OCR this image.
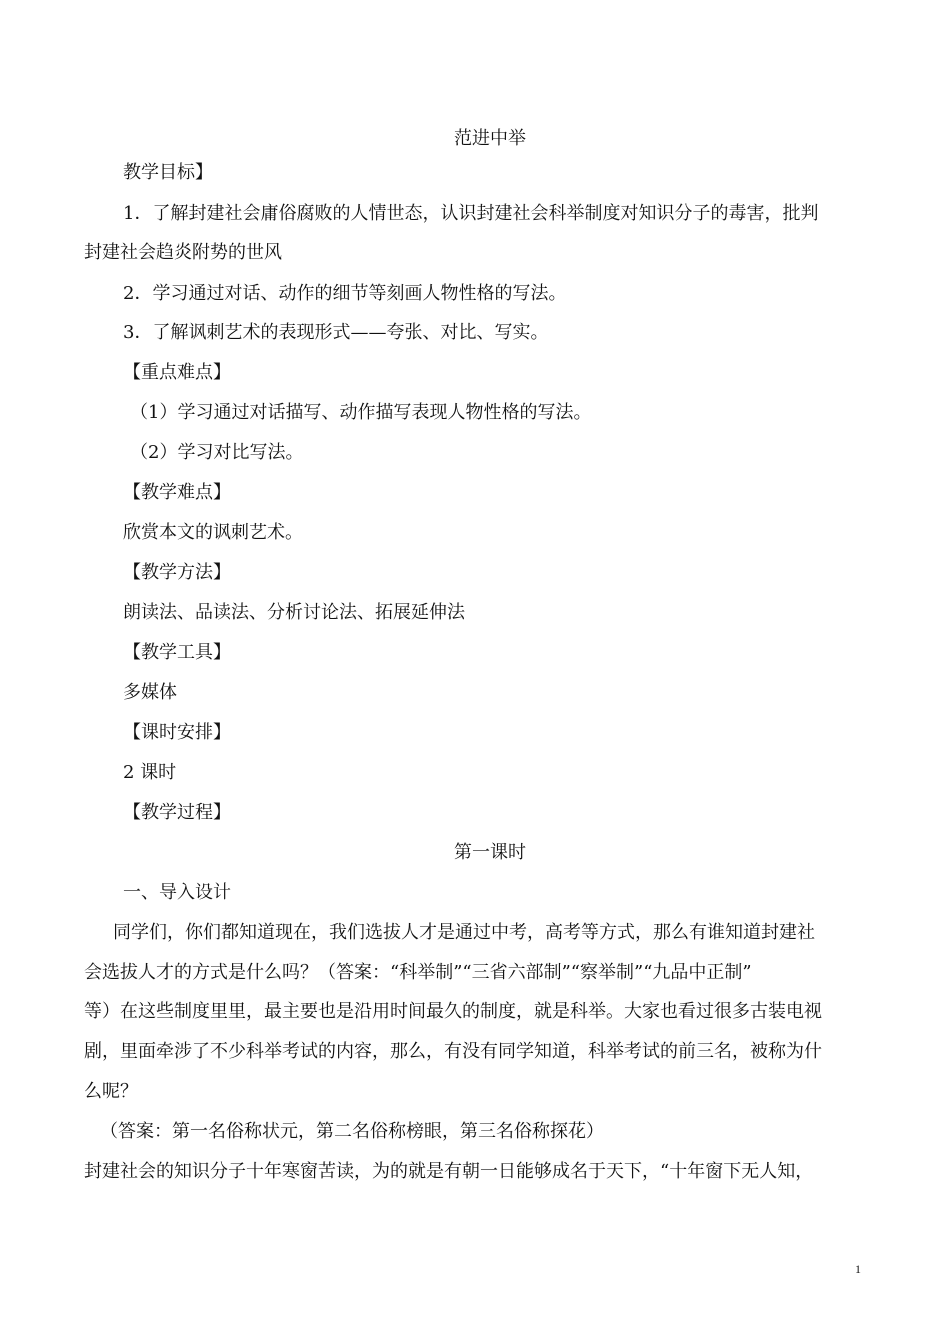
范进中举
教学目标】
1．了解封建社会庸俗腐败的人情世态，认识封建社会科举制度对知识分子的毒害，批判
封建社会趋炎附势的世风
2．学习通过对话、动作的细节等刻画人物性格的写法。
3．了解讽刺艺术的表现形式——夸张、对比、写实。
【重点难点】
（1）学习通过对话描写、动作描写表现人物性格的写法。
（2）学习对比写法。
【教学难点】
欣赏本文的讽刺艺术。
【教学方法】
朗读法、品读法、分析讨论法、拓展延伸法
【教学工具】
多媒体
【课时安排】
2 课时
【教学过程】
第一课时
一、导入设计
同学们，你们都知道现在，我们选拔人才是通过中考，高考等方式，那么有谁知道封建社
会选拔人才的方式是什么吗？（答案：“科举制”“三省六部制”“察举制”“九品中正制”
等）在这些制度里里，最主要也是沿用时间最久的制度，就是科举。大家也看过很多古装电视
剧，里面牵涉了不少科举考试的内容，那么，有没有同学知道，科举考试的前三名，被称为什
么呢？
（答案：第一名俗称状元，第二名俗称榜眼，第三名俗称探花）
封建社会的知识分子十年寒窗苦读，为的就是有朝一日能够成名于天下，“十年窗下无人知，
1
